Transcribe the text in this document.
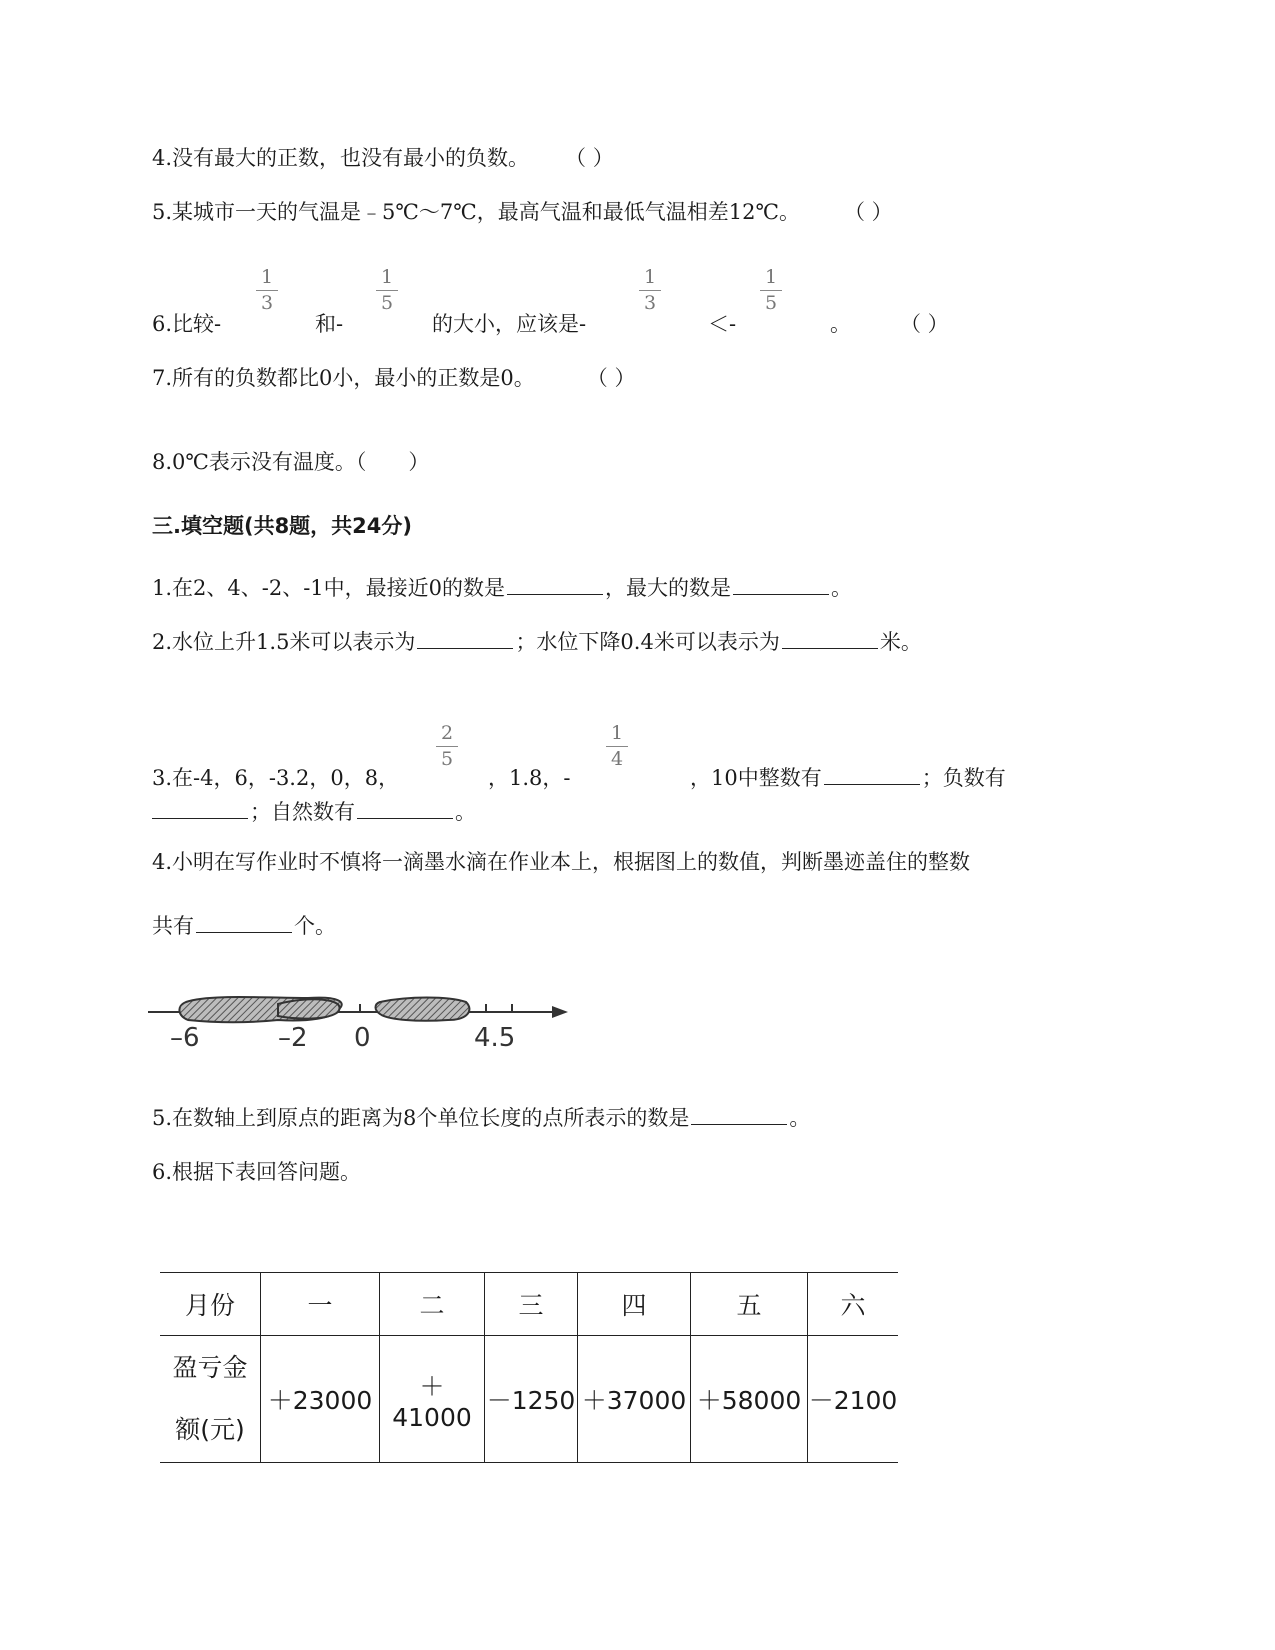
4.没有最大的正数，也没有最小的负数。 （ ）
5.某城市一天的气温是﹣5℃～7℃，最高气温和最低气温相差12℃。 （ ）
6.比较-
1
3
和-
1
5
的大小，应该是-
1
3
＜-
1
5
。 （ ）
7.所有的负数都比0小，最小的正数是0。 （ ）
8.0℃表示没有温度。（　　）
三.填空题(共8题，共24分)
1.在2、4、-2、-1中，最接近0的数是	，最大的数是	。
2.水位上升1.5米可以表示为	；水位下降0.4米可以表示为	米。
3.在-4，6，-3.2，0，8，
2
5
，1.8，-
1
4
，10中整数有	；负数有
；自然数有	。
4.小明在写作业时不慎将一滴墨水滴在作业本上，根据图上的数值，判断墨迹盖住的整数
共有	个。
–6	–2 0	4.5
5.在数轴上到原点的距离为8个单位长度的点所表示的数是	。
6.根据下表回答问题。
月份	一	二	三	四	五	六

盈亏金
额(元)	＋23000	＋41000	－1250	＋37000	＋58000	－2100
